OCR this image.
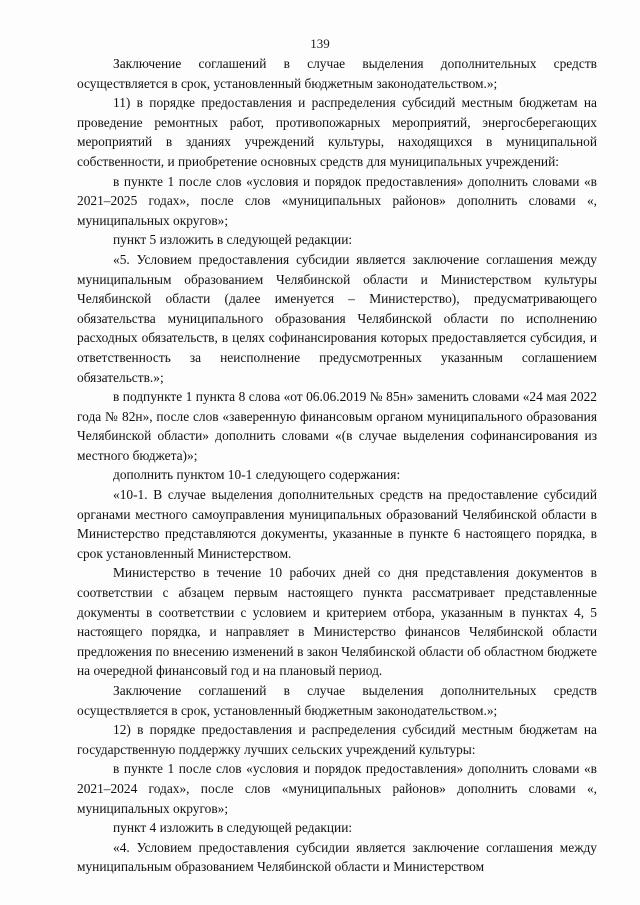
139

Заключение соглашений в случае выделения дополнительных средств осуществляется в срок, установленный бюджетным законодательством.»;

11) в порядке предоставления и распределения субсидий местным бюджетам на проведение ремонтных работ, противопожарных мероприятий, энергосберегающих мероприятий в зданиях учреждений культуры, находящихся в муниципальной собственности, и приобретение основных средств для муниципальных учреждений:

в пункте 1 после слов «условия и порядок предоставления» дополнить словами «в 2021–2025 годах», после слов «муниципальных районов» дополнить словами «, муниципальных округов»;

пункт 5 изложить в следующей редакции:

«5. Условием предоставления субсидии является заключение соглашения между муниципальным образованием Челябинской области и Министерством культуры Челябинской области (далее именуется – Министерство), предусматривающего обязательства муниципального образования Челябинской области по исполнению расходных обязательств, в целях софинансирования которых предоставляется субсидия, и ответственность за неисполнение предусмотренных указанным соглашением обязательств.»;

в подпункте 1 пункта 8 слова «от 06.06.2019 № 85н» заменить словами «24 мая 2022 года № 82н», после слов «заверенную финансовым органом муниципального образования Челябинской области» дополнить словами «(в случае выделения софинансирования из местного бюджета)»;

дополнить пунктом 10-1 следующего содержания:

«10-1. В случае выделения дополнительных средств на предоставление субсидий органами местного самоуправления муниципальных образований Челябинской области в Министерство представляются документы, указанные в пункте 6 настоящего порядка, в срок установленный Министерством.

Министерство в течение 10 рабочих дней со дня представления документов в соответствии с абзацем первым настоящего пункта рассматривает представленные документы в соответствии с условием и критерием отбора, указанным в пунктах 4, 5 настоящего порядка, и направляет в Министерство финансов Челябинской области предложения по внесению изменений в закон Челябинской области об областном бюджете на очередной финансовый год и на плановый период.

Заключение соглашений в случае выделения дополнительных средств осуществляется в срок, установленный бюджетным законодательством.»;

12) в порядке предоставления и распределения субсидий местным бюджетам на государственную поддержку лучших сельских учреждений культуры:

в пункте 1 после слов «условия и порядок предоставления» дополнить словами «в 2021–2024 годах», после слов «муниципальных районов» дополнить словами «, муниципальных округов»;

пункт 4 изложить в следующей редакции:

«4. Условием предоставления субсидии является заключение соглашения между муниципальным образованием Челябинской области и Министерством
